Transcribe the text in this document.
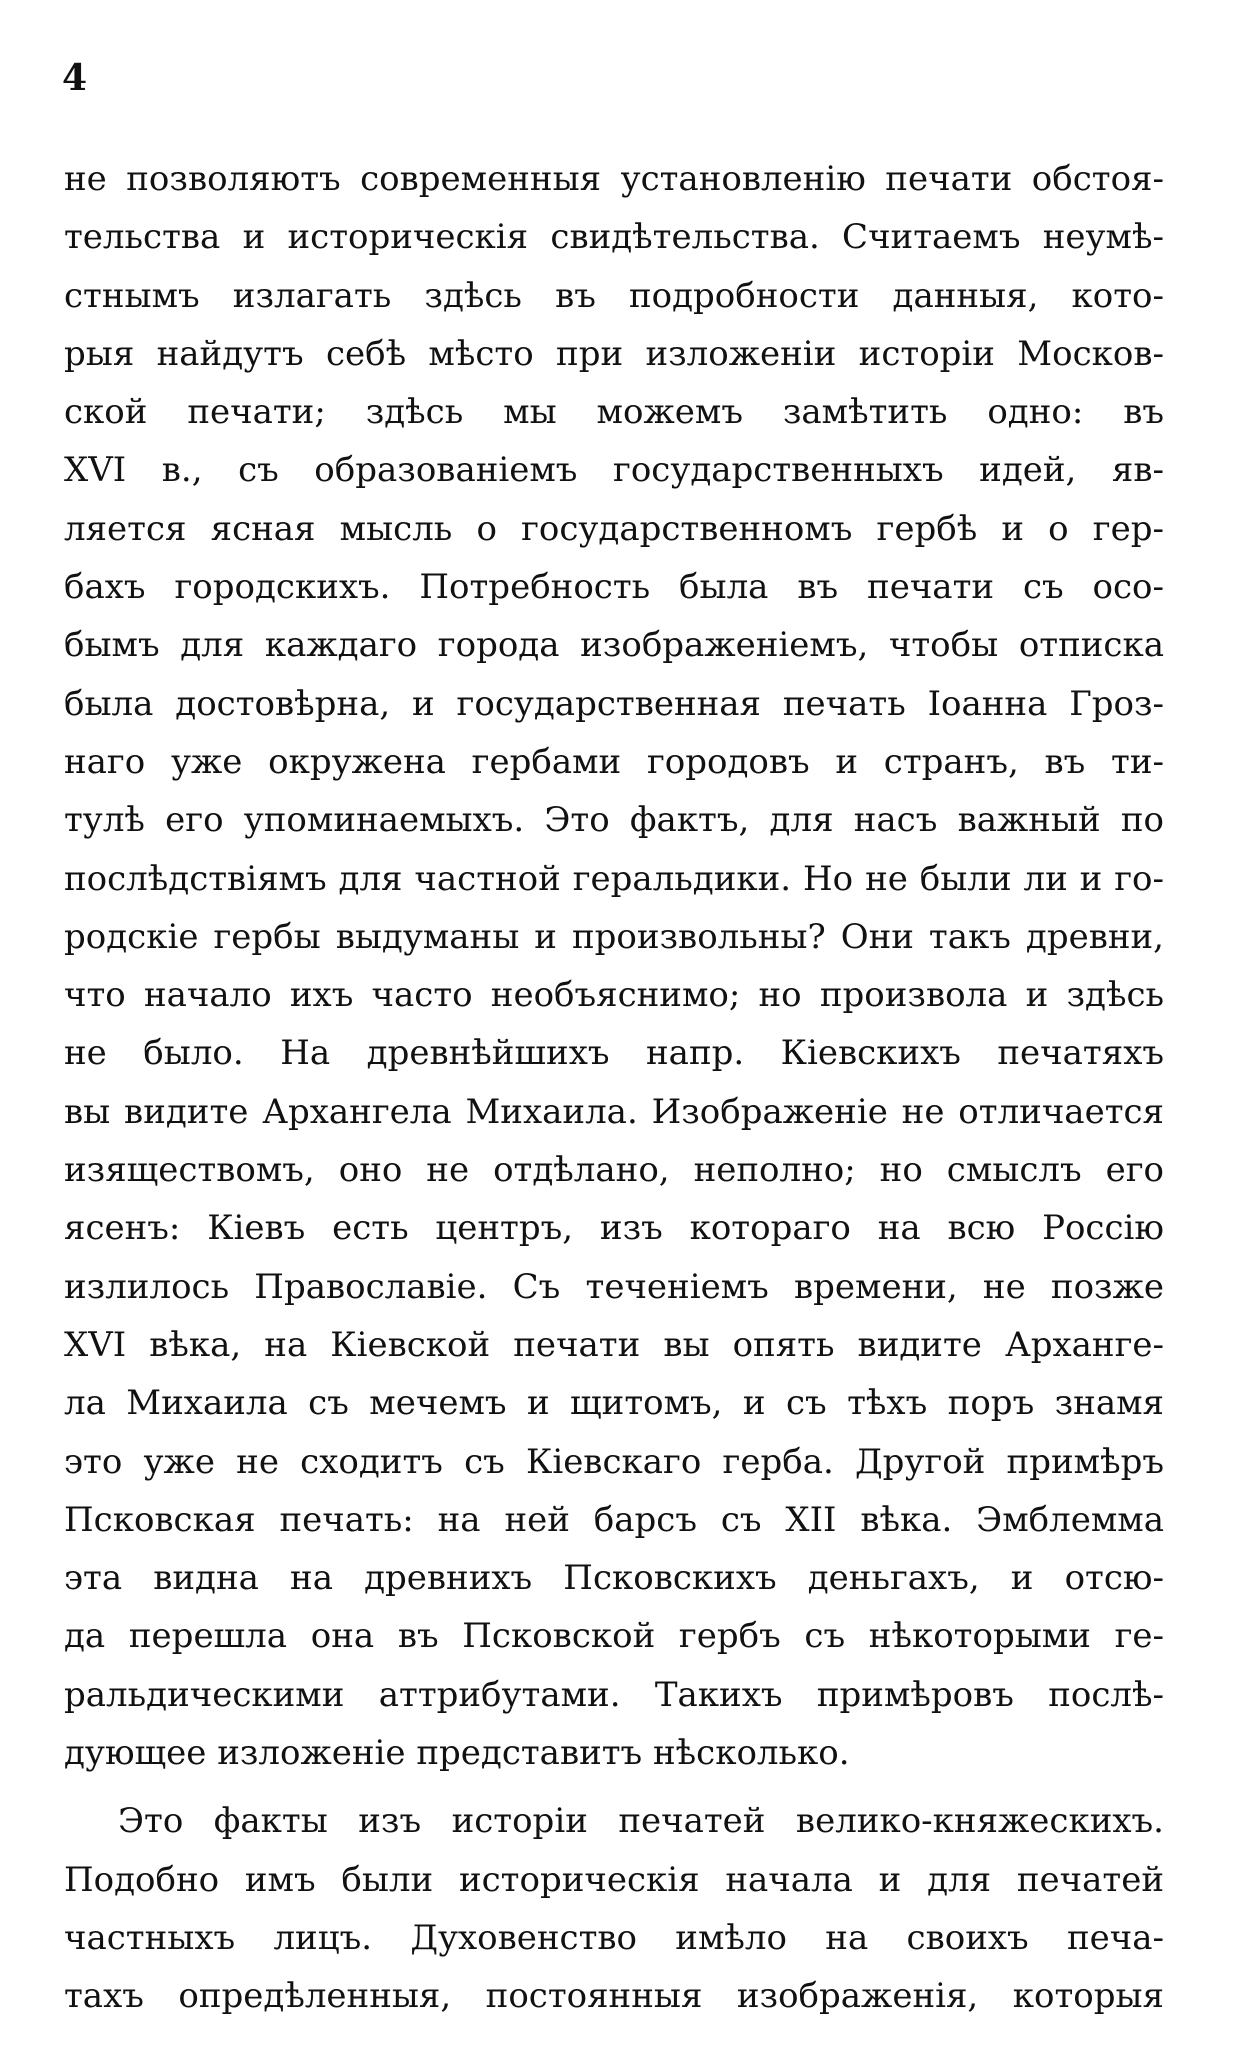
4
не позволяютъ современныя установленію печати обстоя-
тельства и историческія свидѣтельства. Считаемъ неумѣ-
стнымъ излагать здѣсь въ подробности данныя, кото-
рыя найдутъ себѣ мѣсто при изложеніи исторіи Москов-
ской печати; здѣсь мы можемъ замѣтить одно: въ
XVI в., съ образованіемъ государственныхъ идей, яв-
ляется ясная мысль о государственномъ гербѣ и о гер-
бахъ городскихъ. Потребность была въ печати съ осо-
бымъ для каждаго города изображеніемъ, чтобы отписка
была достовѣрна, и государственная печать Іоанна Гроз-
наго уже окружена гербами городовъ и странъ, въ ти-
тулѣ его упоминаемыхъ. Это фактъ, для насъ важный по
послѣдствіямъ для частной геральдики. Но не были ли и го-
родскіе гербы выдуманы и произвольны? Они такъ древни,
что начало ихъ часто необъяснимо; но произвола и здѣсь
не было. На древнѣйшихъ напр. Кіевскихъ печатяхъ
вы видите Архангела Михаила. Изображеніе не отличается
изяществомъ, оно не отдѣлано, неполно; но смыслъ его
ясенъ: Кіевъ есть центръ, изъ котораго на всю Россію
излилось Православіе. Съ теченіемъ времени, не позже
XVI вѣка, на Кіевской печати вы опять видите Арханге-
ла Михаила съ мечемъ и щитомъ, и съ тѣхъ поръ знамя
это уже не сходитъ съ Кіевскаго герба. Другой примѣръ
Псковская печать: на ней барсъ съ XII вѣка. Эмблемма
эта видна на древнихъ Псковскихъ деньгахъ, и отсю-
да перешла она въ Псковской гербъ съ нѣкоторыми ге-
ральдическими аттрибутами. Такихъ примѣровъ послѣ-
дующее изложеніе представитъ нѣсколько.
Это факты изъ исторіи печатей велико-княжескихъ.
Подобно имъ были историческія начала и для печатей
частныхъ лицъ. Духовенство имѣло на своихъ печа-
тахъ опредѣленныя, постоянныя изображенія, которыя
